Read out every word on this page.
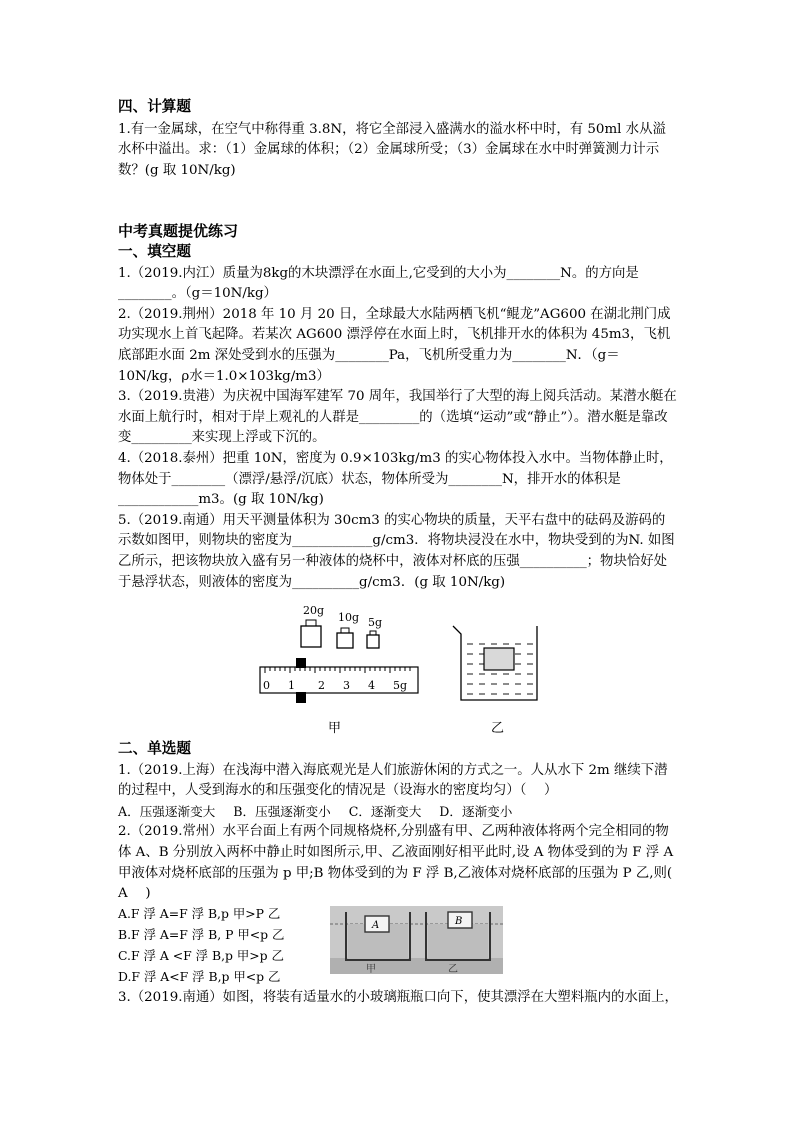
四、计算题

1.有一金属球，在空气中称得重 3.8N，将它全部浸入盛满水的溢水杯中时，有 50ml 水从溢水杯中溢出。求：（1）金属球的体积；（2）金属球所受；（3）金属球在水中时弹簧测力计示数？(g 取 10N/kg)

中考真题提优练习
一、填空题

1.（2019.内江）质量为8kg的木块漂浮在水面上,它受到的大小为________N。的方向是________。（g＝10N/kg）

2.（2019.荆州）2018 年 10 月 20 日，全球最大水陆两栖飞机“鲲龙”AG600 在湖北荆门成功实现水上首飞起降。若某次 AG600 漂浮停在水面上时，飞机排开水的体积为 45m3，飞机底部距水面 2m 深处受到水的压强为________Pa，飞机所受重力为________N．（g＝10N/kg，ρ水＝1.0×103kg/m3）

3.（2019.贵港）为庆祝中国海军建军 70 周年，我国举行了大型的海上阅兵活动。某潜水艇在水面上航行时，相对于岸上观礼的人群是_________的（选填“运动”或“静止”）。潜水艇是靠改变_________来实现上浮或下沉的。

4.（2018.泰州）把重 10N，密度为 0.9×103kg/m3 的实心物体投入水中。当物体静止时，物体处于________（漂浮/悬浮/沉底）状态，物体所受为________N，排开水的体积是____________m3。(g 取 10N/kg)

5.（2019.南通）用天平测量体积为 30cm3 的实心物块的质量，天平右盘中的砝码及游码的示数如图甲，则物块的密度为____________g/cm3．将物块浸没在水中，物块受到的为N. 如图乙所示，把该物块放入盛有另一种液体的烧杯中，液体对杯底的压强__________；物块恰好处于悬浮状态，则液体的密度为__________g/cm3．(g 取 10N/kg)

20g
10g 5g
0 1 2 3 4 5g
甲	乙
二、单选题

1.（2019.上海）在浅海中潜入海底观光是人们旅游休闲的方式之一。人从水下 2m 继续下潜的过程中，人受到海水的和压强变化的情况是（设海水的密度均匀）（　 ）

A．压强逐渐变大 B．压强逐渐变小 C．逐渐变大 D．逐渐变小

2.（2019.常州）水平台面上有两个同规格烧杯,分别盛有甲、乙两种液体将两个完全相同的物体 A、B 分别放入两杯中静止时如图所示,甲、乙液面刚好相平此时,设 A 物体受到的为 F 浮 A 甲液体对烧杯底部的压强为 p 甲;B 物体受到的为 F 浮 B,乙液体对烧杯底部的压强为 P 乙,则(　 A　 )

A.F 浮 A=F 浮 B,p 甲>P 乙
B.F 浮 A=F 浮 B, P 甲<p 乙
C.F 浮 A <F 浮 B,p 甲>p 乙
D.F 浮 A<F 浮 B,p 甲<p 乙
A	B
甲	乙
3.（2019.南通）如图，将装有适量水的小玻璃瓶瓶口向下，使其漂浮在大塑料瓶内的水面上，
